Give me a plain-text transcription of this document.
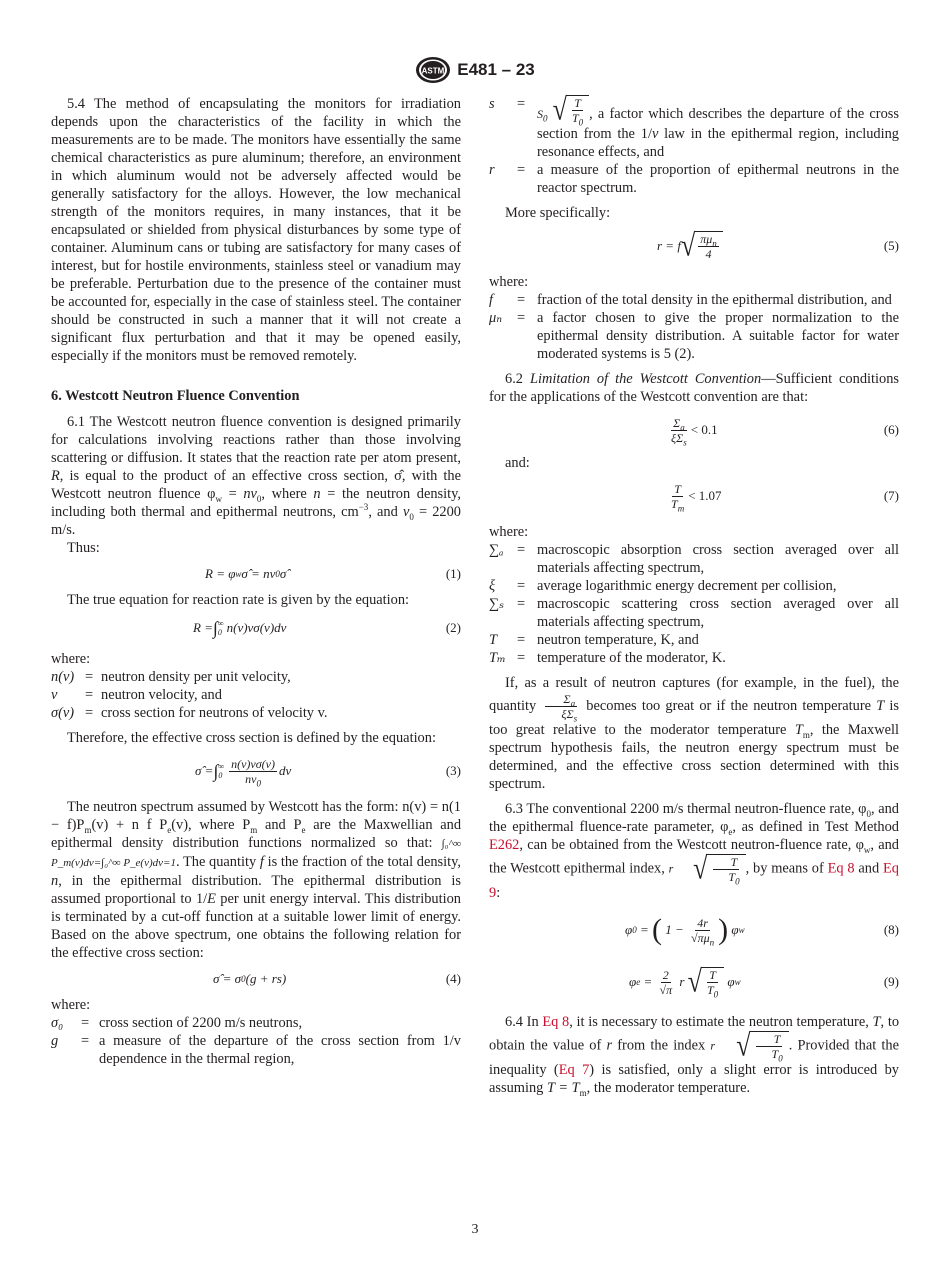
ASTM E481 – 23

5.4 The method of encapsulating the monitors for irradiation depends upon the characteristics of the facility in which the measurements are to be made. The monitors have essentially the same chemical characteristics as pure aluminum; therefore, an environment in which aluminum would not be adversely affected would be generally satisfactory for the alloys. However, the low mechanical strength of the monitors requires, in many instances, that it be encapsulated or shielded from physical disturbances by some type of container. Aluminum cans or tubing are satisfactory for many cases of interest, but for hostile environments, stainless steel or vanadium may be preferable. Perturbation due to the presence of the container must be accounted for, especially in the case of stainless steel. The container should be constructed in such a manner that it will not create a significant flux perturbation and that it may be opened easily, especially if the monitors must be removed remotely.

6. Westcott Neutron Fluence Convention

6.1 The Westcott neutron fluence convention is designed primarily for calculations involving reactions rather than those involving scattering or diffusion. It states that the reaction rate per atom present, R, is equal to the product of an effective cross section, σ̂, with the Westcott neutron fluence $\varphi_w = nv_0$, where n = the neutron density, including both thermal and epithermal neutrons, $cm^{-3}$, and $v_0 = 2200$ m/s.

Thus:

R = φ w σ̂ = nv 0 σ̂	(1)

The true equation for reaction rate is given by the equation:

R = ∫ ∞
0 n(v)vσ(v)dv	(2)

where:

n(v) = neutron density per unit velocity,
v	= neutron velocity, and
σ(v) = cross section for neutrons of velocity v.

Therefore, the effective cross section is defined by the equation:

σ̂ = ∫ ∞
$0 \frac{n(v)v\sigma(v)}{nv_0}$ dv	(3)

The neutron spectrum assumed by Westcott has the form: $n(v) = n(1 - f)P_m(v) + n$ f $P_e(v)$, where $P_m$ and $P_e$ are the Maxwellian and epithermal density distribution functions normalized so that: ∫₀^∞ P_m(v)dv=∫₀^∞ P_e(v)dv=1. The quantity f is the fraction of the total density, n, in the epithermal distribution. The epithermal distribution is assumed proportional to 1/E per unit energy interval. This distribution is terminated by a cut-off function at a suitable lower limit of energy. Based on the above spectrum, one obtains the following relation for the effective cross section:

σ̂ = σ 0 (g + rs)	(4)

where:

σ₀	= cross section of 2200 m/s neutrons,
g	= a measure of the departure of the cross section from 1/v dependence in the thermal region,
s	=
$S_0$ √ $\frac{T}{T_0}$ , a factor which describes the departure of the cross section from the 1/v law in the epithermal region, including resonance effects, and
r	= a measure of the proportion of epithermal neutrons in the reactor spectrum.

More specifically:

r = f √ $\frac{\pi\mu_n}{4}$	(5)

where:

f	= fraction of the total density in the epithermal distribution, and
μₙ	= a factor chosen to give the proper normalization to the epithermal density distribution. A suitable factor for water moderated systems is 5 (2).

6.2 Limitation of the Westcott Convention—Sufficient conditions for the applications of the Westcott convention are that:

$\frac{\Sigma_a}{\xi\Sigma_s} < 0.1$	(6)

and:

$\frac{T}{T_m} < 1.07$	(7)

where:

∑ₐ = macroscopic absorption cross section averaged over all materials affecting spectrum,
ξ	= average logarithmic energy decrement per collision,
∑ₛ = macroscopic scattering cross section averaged over all materials affecting spectrum,
T	= neutron temperature, K, and
Tₘ = temperature of the moderator, K.

If, as a result of neutron captures (for example, in the fuel), the quantity $\frac{\Sigma_a}{\xi\Sigma_s}$ becomes too great or if the neutron temperature T is too great relative to the moderator temperature $T_m$, the Maxwell spectrum hypothesis fails, the neutron energy spectrum must be determined, and the effective cross section determined with this spectrum.

6.3 The conventional 2200 m/s thermal neutron-fluence rate, $\varphi_0$, and the epithermal fluence-rate parameter, $\varphi_e$, as defined in Test Method E262, can be obtained from the Westcott neutron-fluence rate, $\varphi_w$, and the Westcott epithermal index, r √ $\frac{T}{T_0}$ , by means of Eq 8 and Eq 9:

φ 0 = ( $1 - \frac{4r}{√\pi\mu_n}$ ) φ w	(8)
φ $e = \frac{2}{√\pi}$ r √ $\frac{T}{T_0}$ φ w	(9)

6.4 In Eq 8, it is necessary to estimate the neutron temperature, T, to obtain the value of r from the index r √ $\frac{T}{T_0}$ . Provided that the inequality (Eq 7) is satisfied, only a slight error is introduced by assuming $T = T_m$, the moderator temperature.

3
